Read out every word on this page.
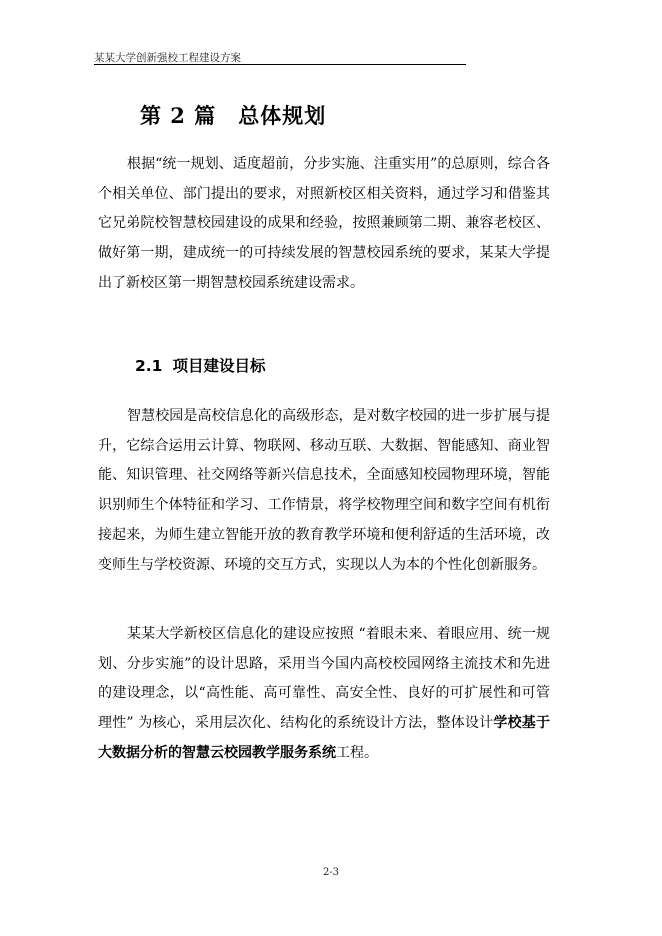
某某大学创新强校工程建设方案
第 2 篇 总体规划

根据“统一规划、适度超前，分步实施、注重实用”的总原则，综合各个相关单位、部门提出的要求，对照新校区相关资料，通过学习和借鉴其它兄弟院校智慧校园建设的成果和经验，按照兼顾第二期、兼容老校区、做好第一期，建成统一的可持续发展的智慧校园系统的要求，某某大学提出了新校区第一期智慧校园系统建设需求。

2.1 项目建设目标

智慧校园是高校信息化的高级形态，是对数字校园的进一步扩展与提升，它综合运用云计算、物联网、移动互联、大数据、智能感知、商业智能、知识管理、社交网络等新兴信息技术，全面感知校园物理环境，智能识别师生个体特征和学习、工作情景，将学校物理空间和数字空间有机衔接起来，为师生建立智能开放的教育教学环境和便利舒适的生活环境，改变师生与学校资源、环境的交互方式，实现以人为本的个性化创新服务。

某某大学新校区信息化的建设应按照 “着眼未来、着眼应用、统一规划、分步实施”的设计思路，采用当今国内高校校园网络主流技术和先进的建设理念，以“高性能、高可靠性、高安全性、良好的可扩展性和可管理性” 为核心，采用层次化、结构化的系统设计方法，整体设计学校基于大数据分析的智慧云校园教学服务系统工程。

2-3
